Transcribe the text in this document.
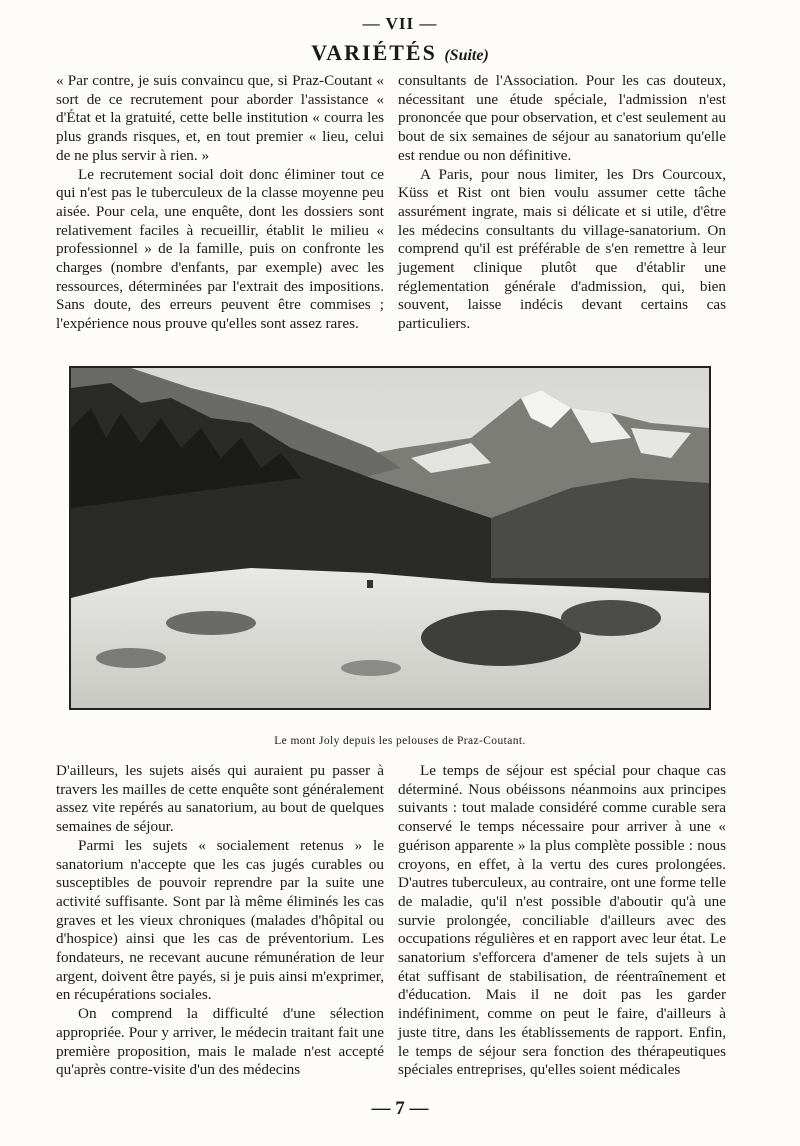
— VII —
VARIÉTÉS (Suite)

« Par contre, je suis convaincu que, si Praz-Coutant « sort de ce recrutement pour aborder l'assistance « d'État et la gratuité, cette belle institution « courra les plus grands risques, et, en tout premier « lieu, celui de ne plus servir à rien. »

Le recrutement social doit donc éliminer tout ce qui n'est pas le tuberculeux de la classe moyenne peu aisée. Pour cela, une enquête, dont les dossiers sont relativement faciles à recueillir, établit le milieu « professionnel » de la famille, puis on confronte les charges (nombre d'enfants, par exemple) avec les ressources, déterminées par l'extrait des impositions. Sans doute, des erreurs peuvent être commises ; l'expérience nous prouve qu'elles sont assez rares.

consultants de l'Association. Pour les cas douteux, nécessitant une étude spéciale, l'admission n'est prononcée que pour observation, et c'est seulement au bout de six semaines de séjour au sanatorium qu'elle est rendue ou non définitive.

A Paris, pour nous limiter, les Drs Courcoux, Küss et Rist ont bien voulu assumer cette tâche assurément ingrate, mais si délicate et si utile, d'être les médecins consultants du village-sanatorium. On comprend qu'il est préférable de s'en remettre à leur jugement clinique plutôt que d'établir une réglementation générale d'admission, qui, bien souvent, laisse indécis devant certains cas particuliers.

Le mont Joly depuis les pelouses de Praz-Coutant.

D'ailleurs, les sujets aisés qui auraient pu passer à travers les mailles de cette enquête sont généralement assez vite repérés au sanatorium, au bout de quelques semaines de séjour.

Parmi les sujets « socialement retenus » le sanatorium n'accepte que les cas jugés curables ou susceptibles de pouvoir reprendre par la suite une activité suffisante. Sont par là même éliminés les cas graves et les vieux chroniques (malades d'hôpital ou d'hospice) ainsi que les cas de préventorium. Les fondateurs, ne recevant aucune rémunération de leur argent, doivent être payés, si je puis ainsi m'exprimer, en récupérations sociales.

On comprend la difficulté d'une sélection appropriée. Pour y arriver, le médecin traitant fait une première proposition, mais le malade n'est accepté qu'après contre-visite d'un des médecins

Le temps de séjour est spécial pour chaque cas déterminé. Nous obéissons néanmoins aux principes suivants : tout malade considéré comme curable sera conservé le temps nécessaire pour arriver à une « guérison apparente » la plus complète possible : nous croyons, en effet, à la vertu des cures prolongées. D'autres tuberculeux, au contraire, ont une forme telle de maladie, qu'il n'est possible d'aboutir qu'à une survie prolongée, conciliable d'ailleurs avec des occupations régulières et en rapport avec leur état. Le sanatorium s'efforcera d'amener de tels sujets à un état suffisant de stabilisation, de réentraînement et d'éducation. Mais il ne doit pas les garder indéfiniment, comme on peut le faire, d'ailleurs à juste titre, dans les établissements de rapport. Enfin, le temps de séjour sera fonction des thérapeutiques spéciales entreprises, qu'elles soient médicales

— 7 —
